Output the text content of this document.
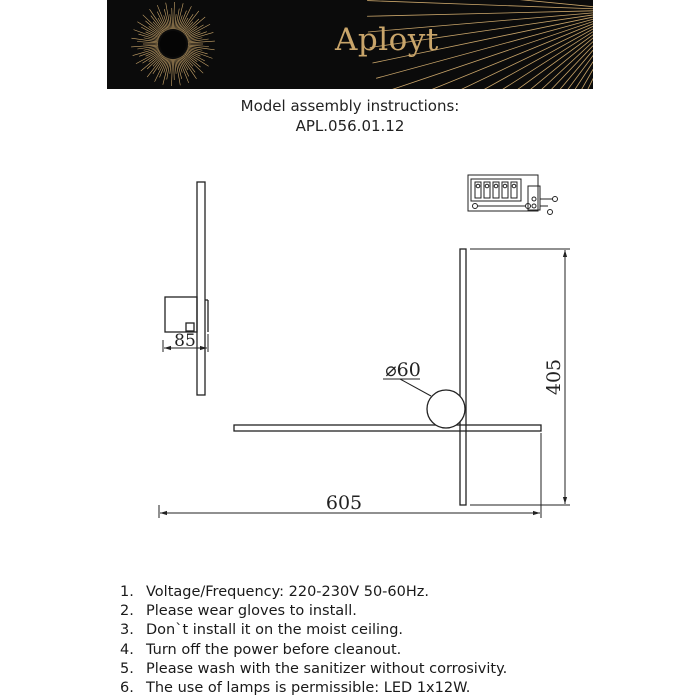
Aployt
Model assembly instructions:
APL.056.01.12
85
⌀60	405
605
1. Voltage/Frequency: 220-230V 50-60Hz.
2. Please wear gloves to install.
3. Don`t install it on the moist ceiling.
4. Turn off the power before cleanout.
5. Please wash with the sanitizer without corrosivity.
6. The use of lamps is permissible: LED 1x12W.
